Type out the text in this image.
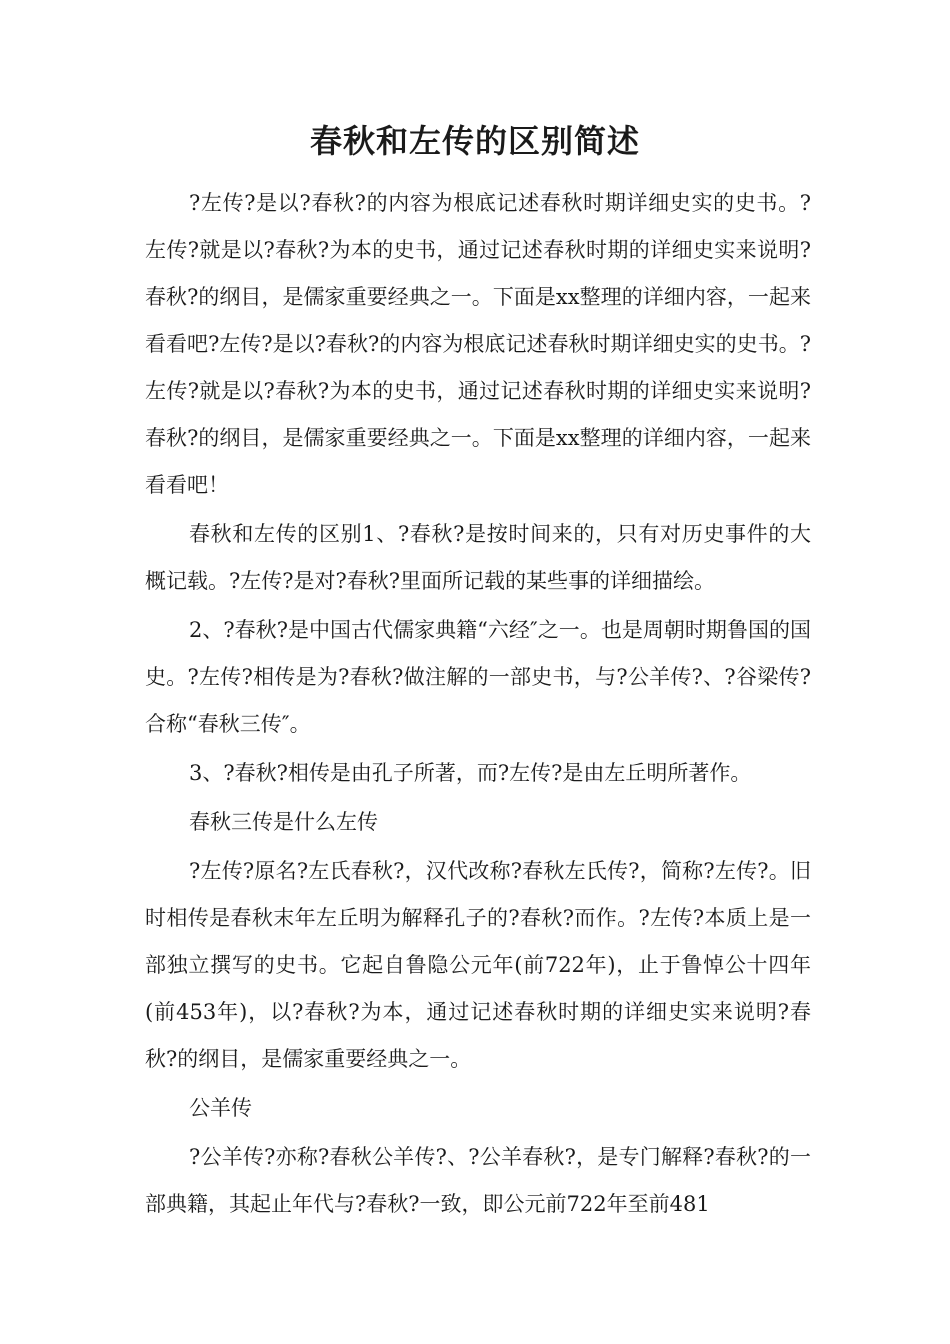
春秋和左传的区别简述

?左传?是以?春秋?的内容为根底记述春秋时期详细史实的史书。?左传?就是以?春秋?为本的史书，通过记述春秋时期的详细史实来说明?春秋?的纲目，是儒家重要经典之一。下面是xx整理的详细内容，一起来看看吧?左传?是以?春秋?的内容为根底记述春秋时期详细史实的史书。?左传?就是以?春秋?为本的史书，通过记述春秋时期的详细史实来说明?春秋?的纲目，是儒家重要经典之一。下面是xx整理的详细内容，一起来看看吧！

春秋和左传的区别1、?春秋?是按时间来的，只有对历史事件的大概记载。?左传?是对?春秋?里面所记载的某些事的详细描绘。

2、?春秋?是中国古代儒家典籍“六经″之一。也是周朝时期鲁国的国史。?左传?相传是为?春秋?做注解的一部史书，与?公羊传?、?谷梁传?合称“春秋三传″。

3、?春秋?相传是由孔子所著，而?左传?是由左丘明所著作。

春秋三传是什么左传

?左传?原名?左氏春秋?，汉代改称?春秋左氏传?，简称?左传?。旧时相传是春秋末年左丘明为解释孔子的?春秋?而作。?左传?本质上是一部独立撰写的史书。它起自鲁隐公元年(前722年)，止于鲁悼公十四年(前453年)，以?春秋?为本，通过记述春秋时期的详细史实来说明?春秋?的纲目，是儒家重要经典之一。

公羊传

?公羊传?亦称?春秋公羊传?、?公羊春秋?，是专门解释?春秋?的一部典籍，其起止年代与?春秋?一致，即公元前722年至前481
